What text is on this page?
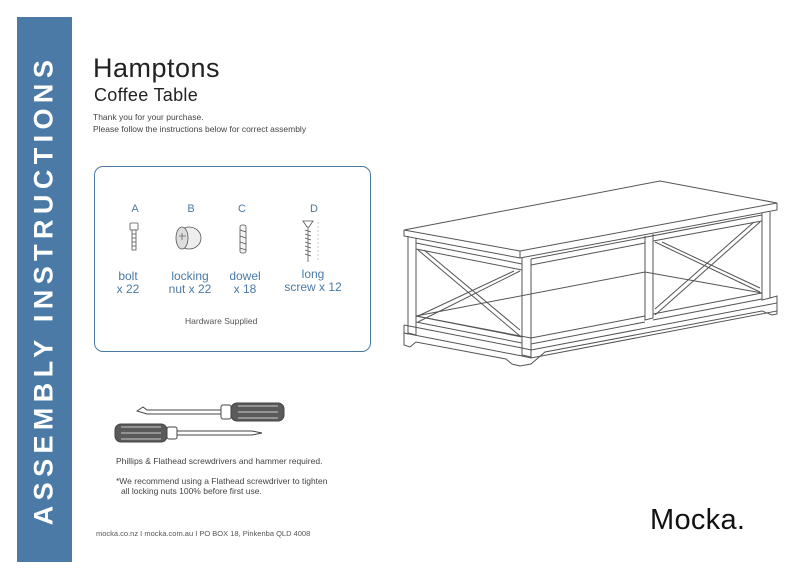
ASSEMBLY INSTRUCTIONS Hamptons
Coffee Table
Thank you for your purchase.
Please follow the instructions below for correct assembly
A	B	C	D
bolt
x 22
locking
nut x 22
dowel
x 18
long
screw x 12
Hardware Supplied
Phillips & Flathead screwdrivers and hammer required.
*We recommend using a Flathead screwdriver to tighten
all locking nuts 100% before first use.
mocka.co.nz I mocka.com.au I PO BOX 18, Pinkenba QLD 4008	Mocka.
